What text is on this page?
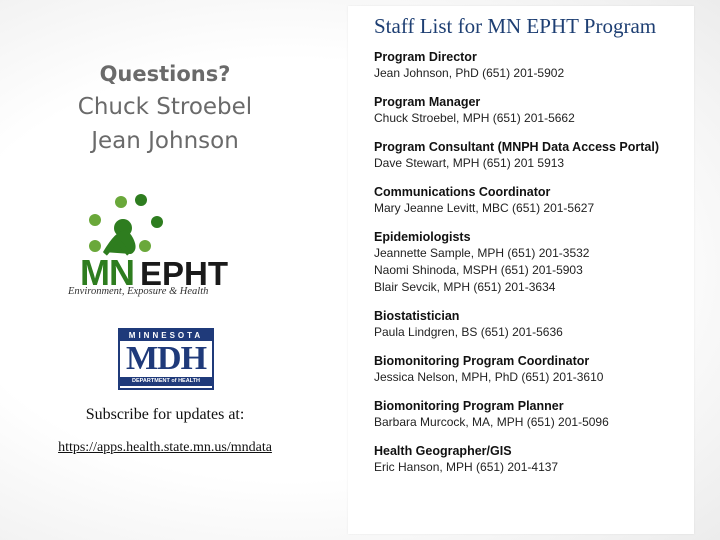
Questions?
Chuck Stroebel
Jean Johnson
MN EPHT
Environment, Exposure & Health
MINNESOTA
MDH
DEPARTMENT of HEALTH
Subscribe for updates at:
https://apps.health.state.mn.us/mndata
Staff List for MN EPHT Program
Program Director
Jean Johnson, PhD (651) 201-5902
Program Manager
Chuck Stroebel, MPH (651) 201-5662
Program Consultant (MNPH Data Access Portal)
Dave Stewart, MPH (651) 201 5913
Communications Coordinator
Mary Jeanne Levitt, MBC (651) 201-5627
Epidemiologists
Jeannette Sample, MPH (651) 201-3532
Naomi Shinoda, MSPH (651) 201-5903
Blair Sevcik, MPH (651) 201-3634
Biostatistician
Paula Lindgren, BS (651) 201-5636
Biomonitoring Program Coordinator
Jessica Nelson, MPH, PhD (651) 201-3610
Biomonitoring Program Planner
Barbara Murcock, MA, MPH (651) 201-5096
Health Geographer/GIS
Eric Hanson, MPH (651) 201-4137
